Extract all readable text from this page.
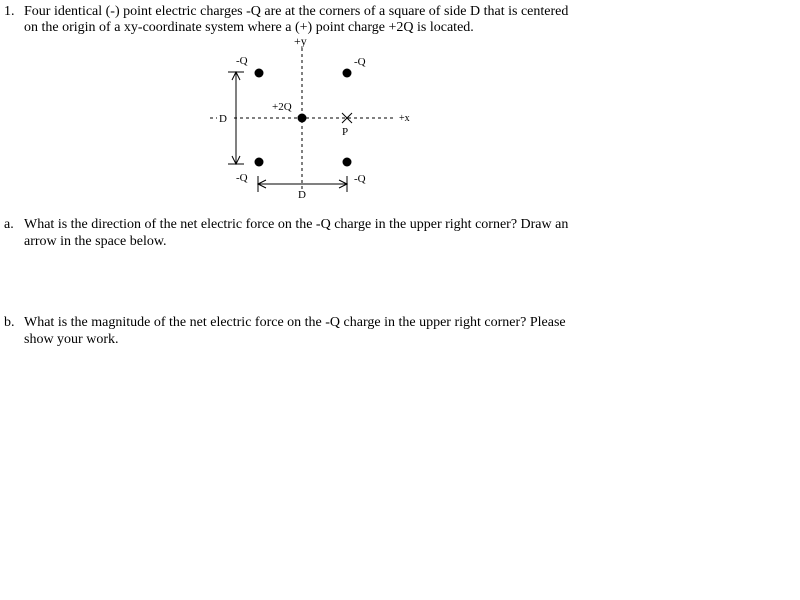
1. Four identical (-) point electric charges -Q are at the corners of a square of side D that is centered
on the origin of a xy-coordinate system where a (+) point charge +2Q is located.
+y
+x
D
D
-Q	-Q
-Q	-Q
+2Q
P
a. What is the direction of the net electric force on the -Q charge in the upper right corner? Draw an
arrow in the space below.
b. What is the magnitude of the net electric force on the -Q charge in the upper right corner? Please
show your work.
